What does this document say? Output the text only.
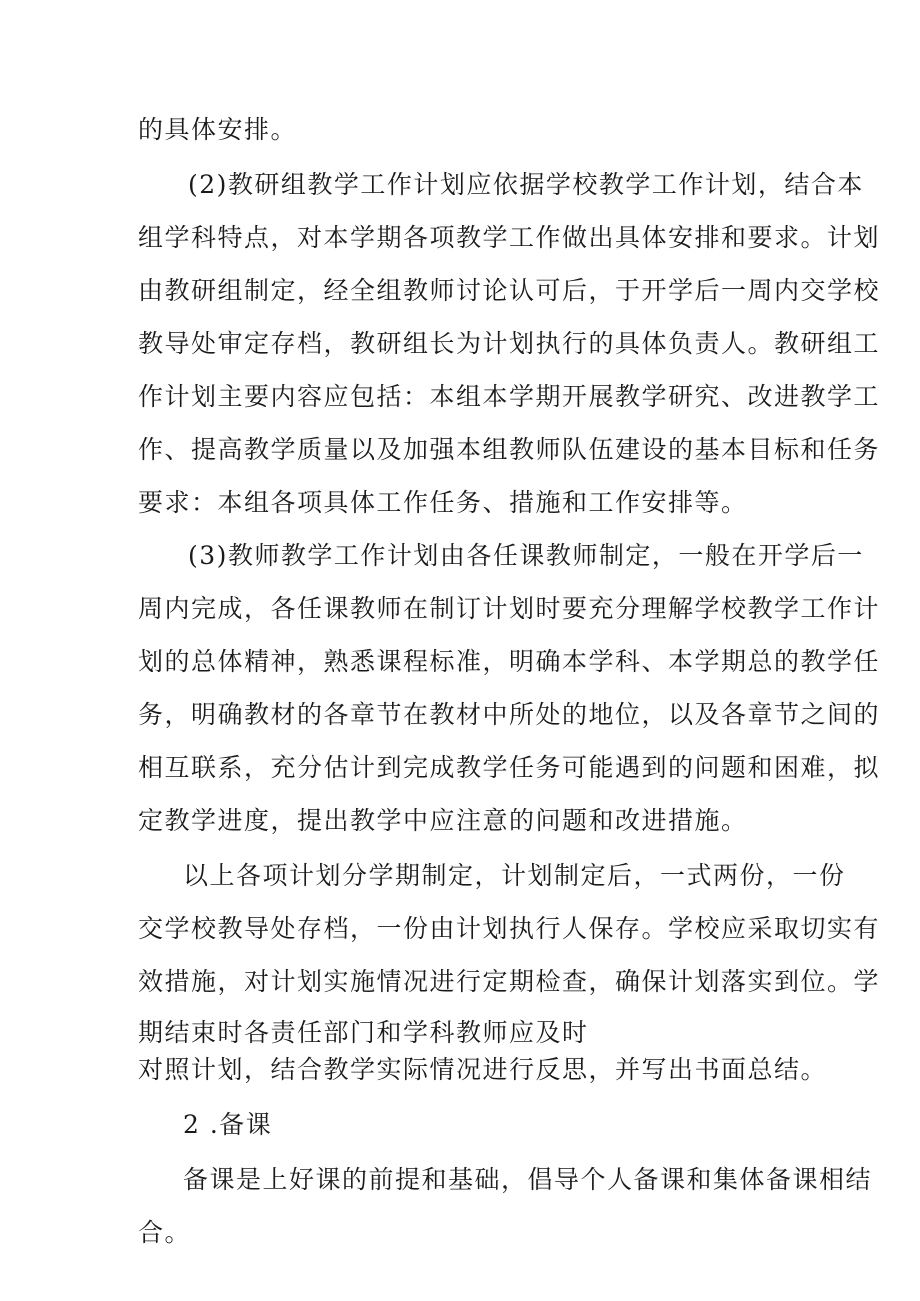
的具体安排。
(2)教研组教学工作计划应依据学校教学工作计划，结合本
组学科特点，对本学期各项教学工作做出具体安排和要求。计划
由教研组制定，经全组教师讨论认可后，于开学后一周内交学校
教导处审定存档，教研组长为计划执行的具体负责人。教研组工
作计划主要内容应包括：本组本学期开展教学研究、改进教学工
作、提高教学质量以及加强本组教师队伍建设的基本目标和任务
要求：本组各项具体工作任务、措施和工作安排等。
(3)教师教学工作计划由各任课教师制定，一般在开学后一
周内完成，各任课教师在制订计划时要充分理解学校教学工作计
划的总体精神，熟悉课程标准，明确本学科、本学期总的教学任
务，明确教材的各章节在教材中所处的地位，以及各章节之间的
相互联系，充分估计到完成教学任务可能遇到的问题和困难，拟
定教学进度，提出教学中应注意的问题和改进措施。
以上各项计划分学期制定，计划制定后，一式两份，一份
交学校教导处存档，一份由计划执行人保存。学校应采取切实有
效措施，对计划实施情况进行定期检查，确保计划落实到位。学
期结束时各责任部门和学科教师应及时
对照计划，结合教学实际情况进行反思，并写出书面总结。
2 .备课
备课是上好课的前提和基础，倡导个人备课和集体备课相结
合。
